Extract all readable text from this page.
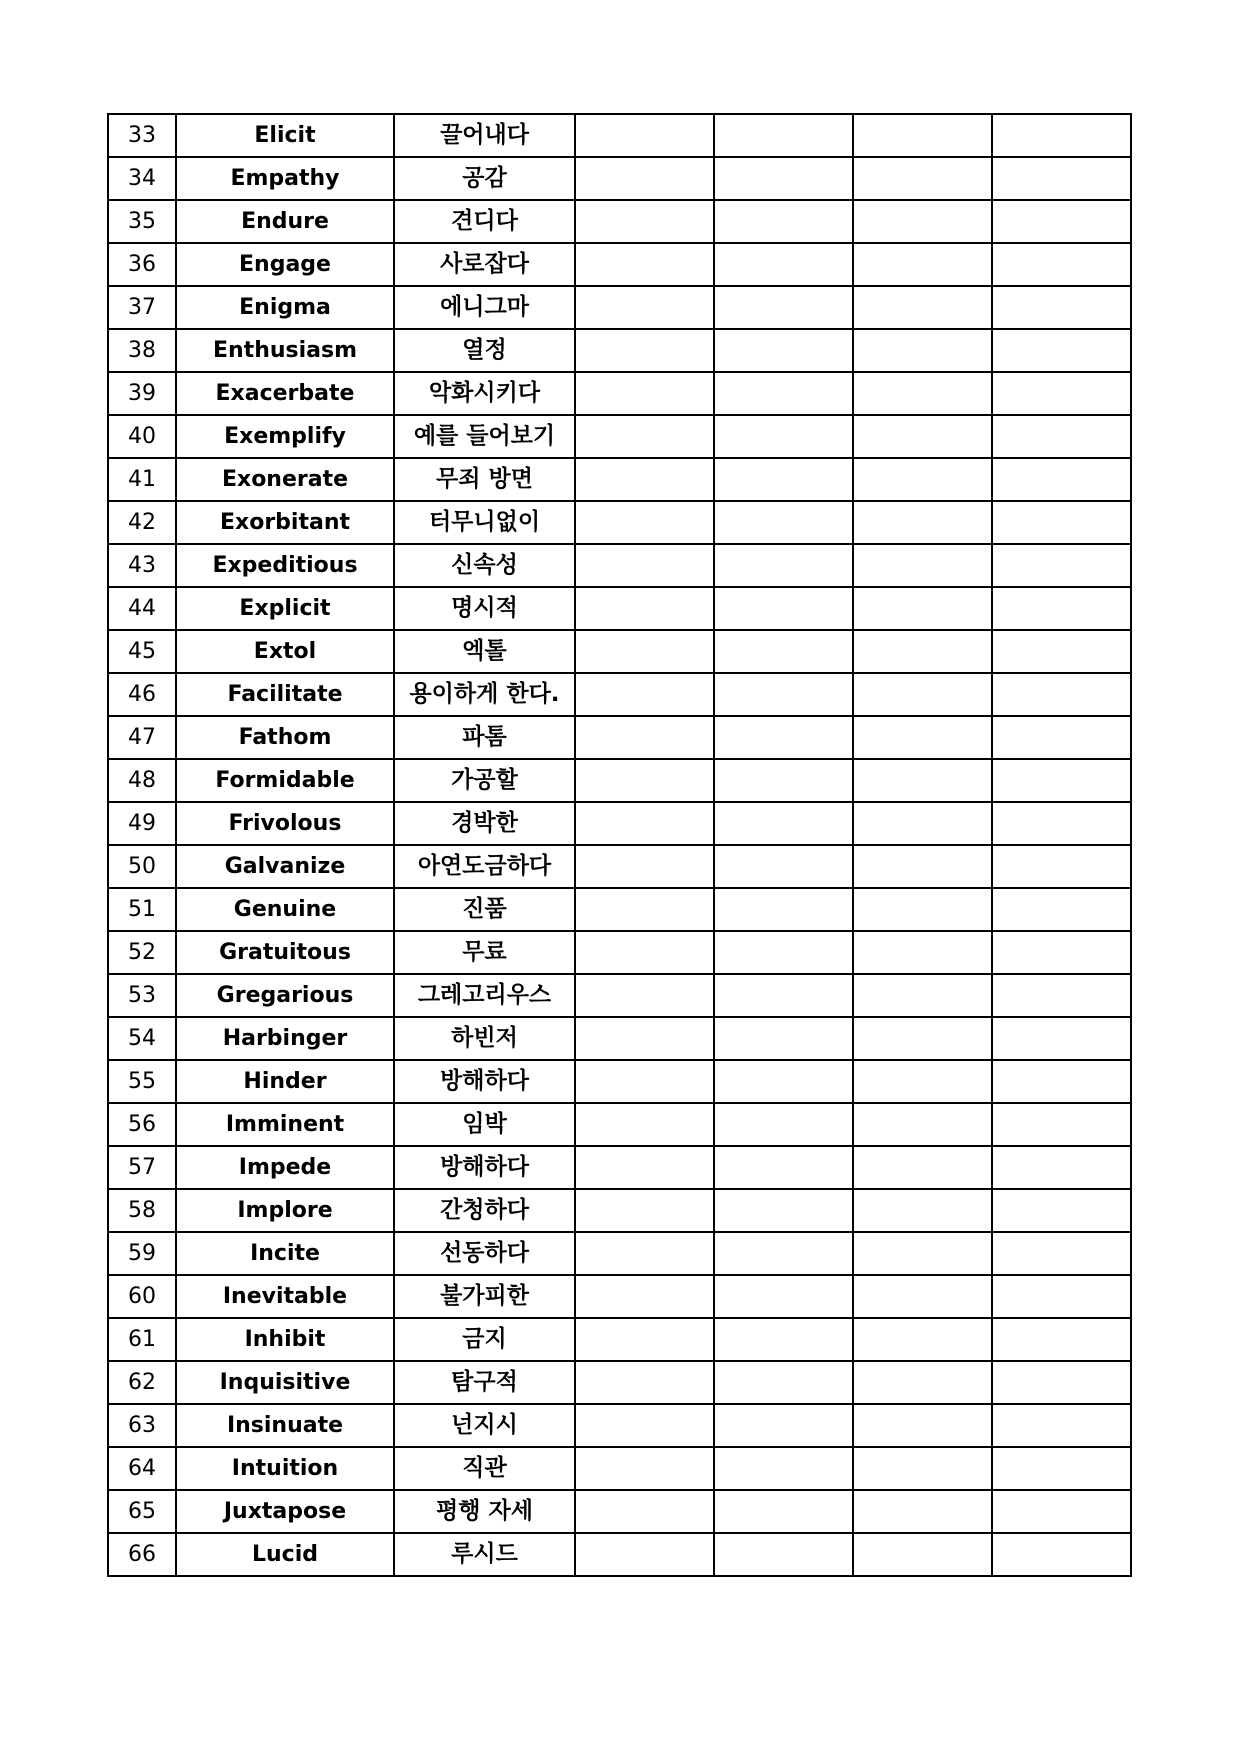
33	Elicit	끌어내다				
34	Empathy	공감				
35	Endure	견디다				
36	Engage	사로잡다				
37	Enigma	에니그마				
38	Enthusiasm	열정				
39	Exacerbate	악화시키다				
40	Exemplify	예를 들어보기				
41	Exonerate	무죄 방면				
42	Exorbitant	터무니없이				
43	Expeditious	신속성				
44	Explicit	명시적				
45	Extol	엑톨				
46	Facilitate	용이하게 한다.				
47	Fathom	파톰				
48	Formidable	가공할				
49	Frivolous	경박한				
50	Galvanize	아연도금하다				
51	Genuine	진품				
52	Gratuitous	무료				
53	Gregarious	그레고리우스				
54	Harbinger	하빈저				
55	Hinder	방해하다				
56	Imminent	임박				
57	Impede	방해하다				
58	Implore	간청하다				
59	Incite	선동하다				
60	Inevitable	불가피한				
61	Inhibit	금지				
62	Inquisitive	탐구적				
63	Insinuate	넌지시				
64	Intuition	직관				
65	Juxtapose	평행 자세				
66	Lucid	루시드				
